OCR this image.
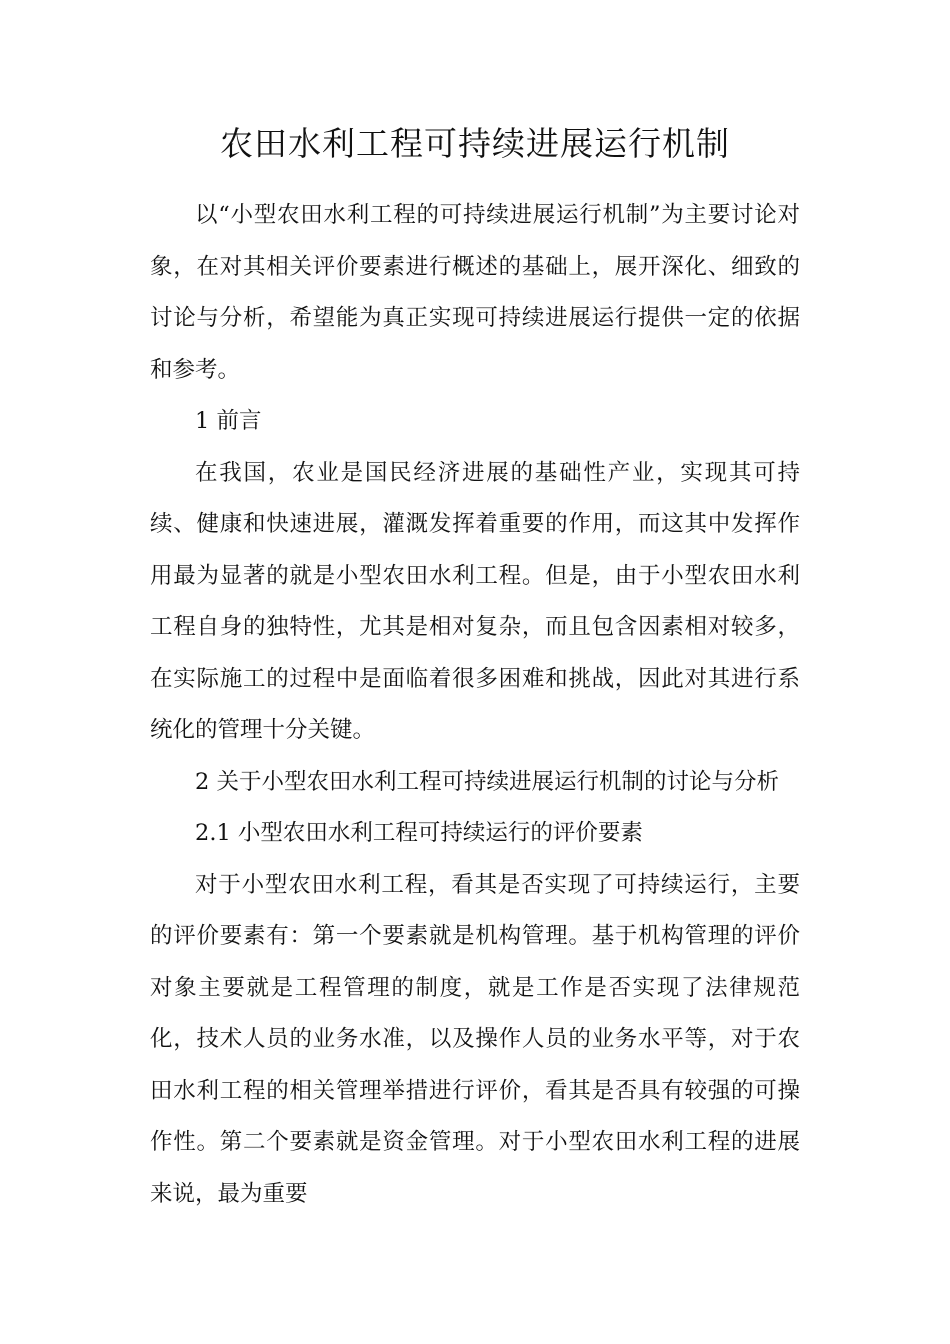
农田水利工程可持续进展运行机制

以“小型农田水利工程的可持续进展运行机制”为主要讨论对象，在对其相关评价要素进行概述的基础上，展开深化、细致的讨论与分析，希望能为真正实现可持续进展运行提供一定的依据和参考。

1 前言

在我国，农业是国民经济进展的基础性产业，实现其可持续、健康和快速进展，灌溉发挥着重要的作用，而这其中发挥作用最为显著的就是小型农田水利工程。但是，由于小型农田水利工程自身的独特性，尤其是相对复杂，而且包含因素相对较多，在实际施工的过程中是面临着很多困难和挑战，因此对其进行系统化的管理十分关键。

2 关于小型农田水利工程可持续进展运行机制的讨论与分析

2.1 小型农田水利工程可持续运行的评价要素

对于小型农田水利工程，看其是否实现了可持续运行，主要的评价要素有：第一个要素就是机构管理。基于机构管理的评价对象主要就是工程管理的制度，就是工作是否实现了法律规范化，技术人员的业务水准，以及操作人员的业务水平等，对于农田水利工程的相关管理举措进行评价，看其是否具有较强的可操作性。第二个要素就是资金管理。对于小型农田水利工程的进展来说，最为重要
